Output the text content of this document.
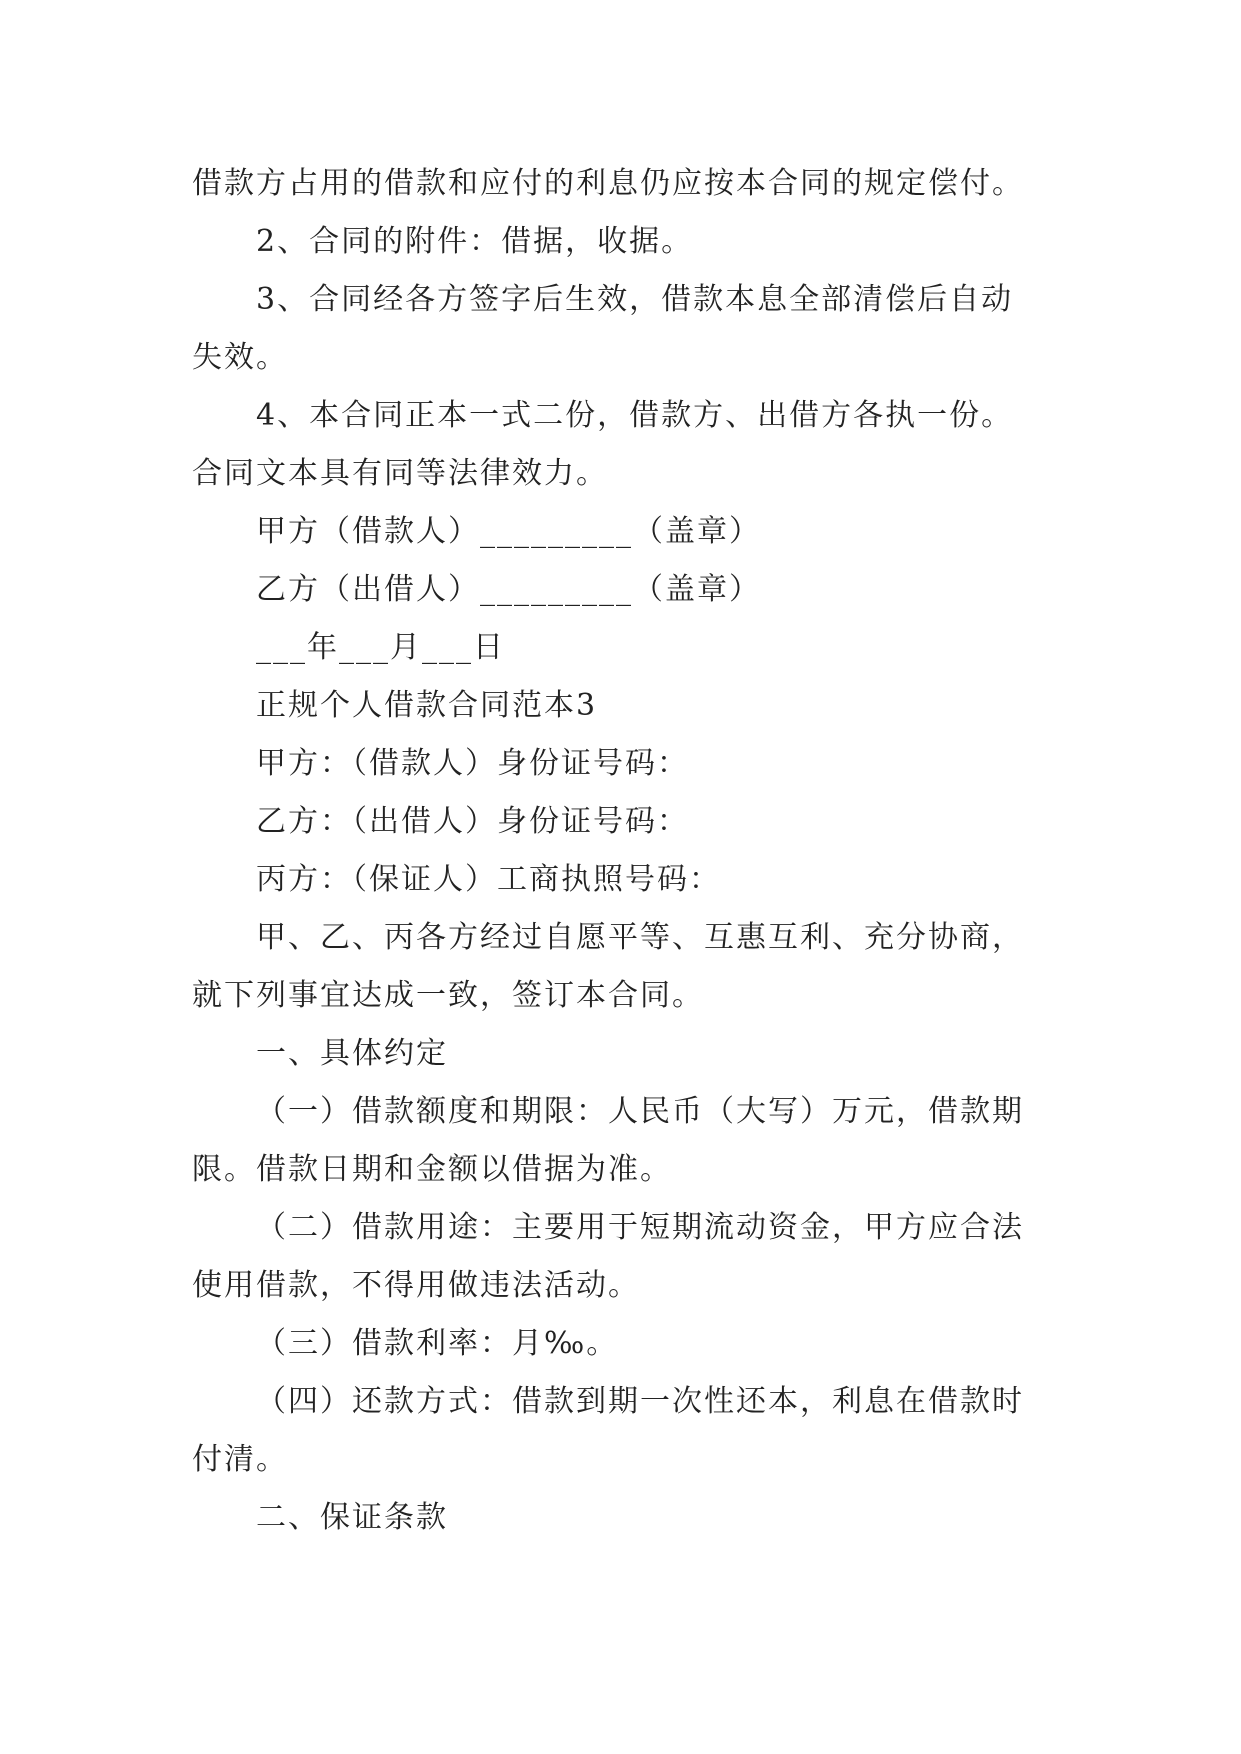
借款方占用的借款和应付的利息仍应按本合同的规定偿付。

2、合同的附件：借据，收据。

3、合同经各方签字后生效，借款本息全部清偿后自动

失效。

4、本合同正本一式二份，借款方、出借方各执一份。

合同文本具有同等法律效力。

甲方（借款人）_________（盖章）

乙方（出借人）_________（盖章）

___年___月___日

正规个人借款合同范本3

甲方：（借款人）身份证号码：

乙方：（出借人）身份证号码：

丙方：（保证人）工商执照号码：

甲、乙、丙各方经过自愿平等、互惠互利、充分协商，

就下列事宜达成一致，签订本合同。

一、具体约定

（一）借款额度和期限：人民币（大写）万元，借款期

限。借款日期和金额以借据为准。

（二）借款用途：主要用于短期流动资金，甲方应合法

使用借款，不得用做违法活动。

（三）借款利率：月‰。

（四）还款方式：借款到期一次性还本，利息在借款时

付清。

二、保证条款
